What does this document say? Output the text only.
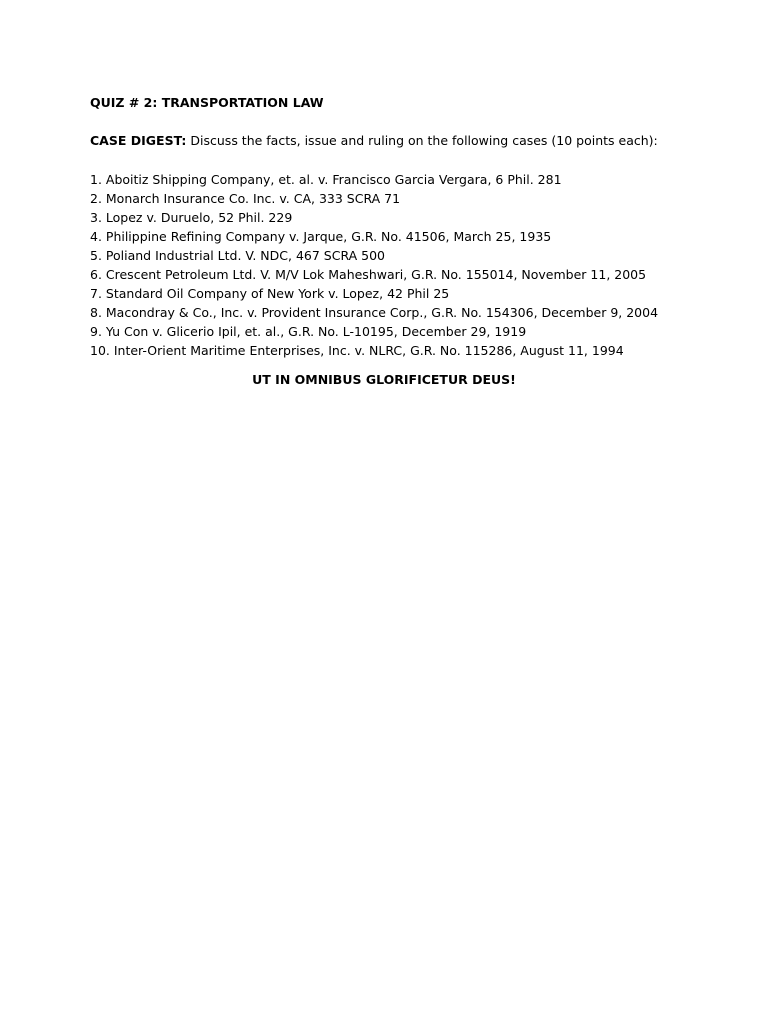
QUIZ # 2: TRANSPORTATION LAW

CASE DIGEST: Discuss the facts, issue and ruling on the following cases (10 points each):

1. Aboitiz Shipping Company, et. al. v. Francisco Garcia Vergara, 6 Phil. 281
2. Monarch Insurance Co. Inc. v. CA, 333 SCRA 71
3. Lopez v. Duruelo, 52 Phil. 229
4. Philippine Refining Company v. Jarque, G.R. No. 41506, March 25, 1935
5. Poliand Industrial Ltd. V. NDC, 467 SCRA 500
6. Crescent Petroleum Ltd. V. M/V Lok Maheshwari, G.R. No. 155014, November 11, 2005
7. Standard Oil Company of New York v. Lopez, 42 Phil 25
8. Macondray & Co., Inc. v. Provident Insurance Corp., G.R. No. 154306, December 9, 2004
9. Yu Con v. Glicerio Ipil, et. al., G.R. No. L-10195, December 29, 1919
10. Inter-Orient Maritime Enterprises, Inc. v. NLRC, G.R. No. 115286, August 11, 1994

UT IN OMNIBUS GLORIFICETUR DEUS!
